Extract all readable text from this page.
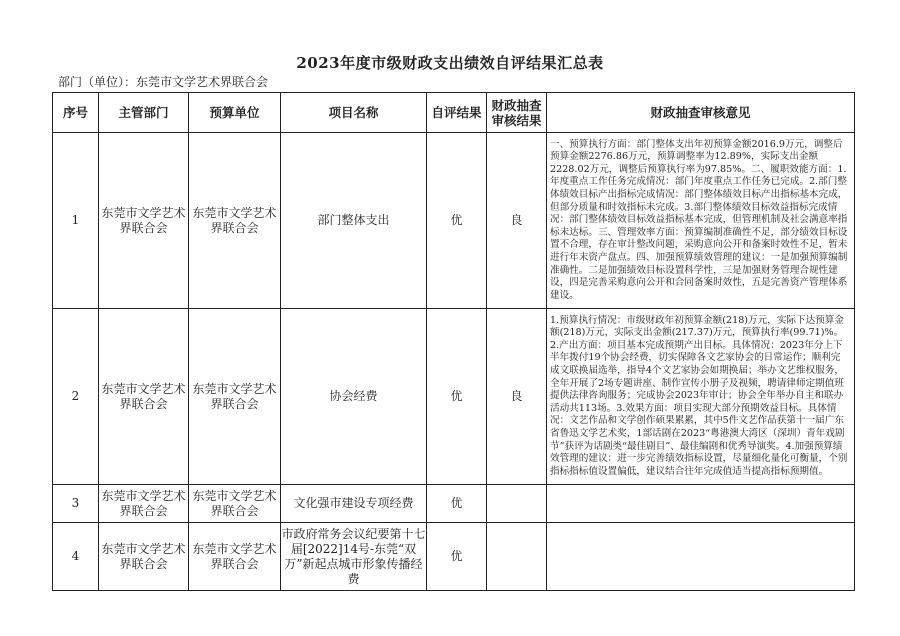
2023年度市级财政支出绩效自评结果汇总表
部门（单位）：东莞市文学艺术界联合会
序号	主管部门	预算单位	项目名称	自评结果	财政抽查审核结果	财政抽查审核意见
1	东莞市文学艺术界联合会	东莞市文学艺术界联合会	部门整体支出	优	良	一、预算执行方面：部门整体支出年初预算金额2016.9万元，调整后预算金额2276.86万元，预算调整率为12.89%，实际支出金额2228.02万元，调整后预算执行率为97.85%。二、履职效能方面：1.年度重点工作任务完成情况：部门年度重点工作任务已完成。2.部门整体绩效目标产出指标完成情况：部门整体绩效目标产出指标基本完成，但部分质量和时效指标未完成。3.部门整体绩效目标效益指标完成情况：部门整体绩效目标效益指标基本完成，但管理机制及社会满意率指标未达标。三、管理效率方面：预算编制准确性不足，部分绩效目标设置不合理，存在审计整改问题，采购意向公开和备案时效性不足，暂未进行年末资产盘点。四、加强预算绩效管理的建议：一是加强预算编制准确性。二是加强绩效目标设置科学性，三是加强财务管理合规性建设，四是完善采购意向公开和合同备案时效性，五是完善资产管理体系建设。
2	东莞市文学艺术界联合会	东莞市文学艺术界联合会	协会经费	优	良	1.预算执行情况：市级财政年初预算金额(218)万元，实际下达预算金额(218)万元，实际支出金额(217.37)万元，预算执行率(99.71)%。2.产出方面：项目基本完成预期产出目标。具体情况：2023年分上下半年拨付19个协会经费，切实保障各文艺家协会的日常运作；顺利完成文联换届选举，指导4个文艺家协会如期换届；举办文艺维权服务，全年开展了2场专题讲座、制作宣传小册子及视频，聘请律师定期值班提供法律咨询服务；完成协会2023年审计；协会全年举办自主和联办活动共113场。3.效果方面：项目实现大部分预期效益目标。具体情况：文艺作品和文学创作硕果累累，其中5件文艺作品获第十一届广东省鲁迅文学艺术奖，1部话剧在2023“粤港澳大湾区（深圳）青年戏剧节”获评为话剧类“最佳剧目”、最佳编剧和优秀导演奖。4.加强预算绩效管理的建议：进一步完善绩效指标设置，尽量细化量化可衡量，个别指标指标值设置偏低，建议结合往年完成值适当提高指标预期值。
3	东莞市文学艺术界联合会	东莞市文学艺术界联合会	文化强市建设专项经费	优		
4	东莞市文学艺术界联合会	东莞市文学艺术界联合会	市政府常务会议纪要第十七届[2022]14号-东莞“双万”新起点城市形象传播经费	优		
